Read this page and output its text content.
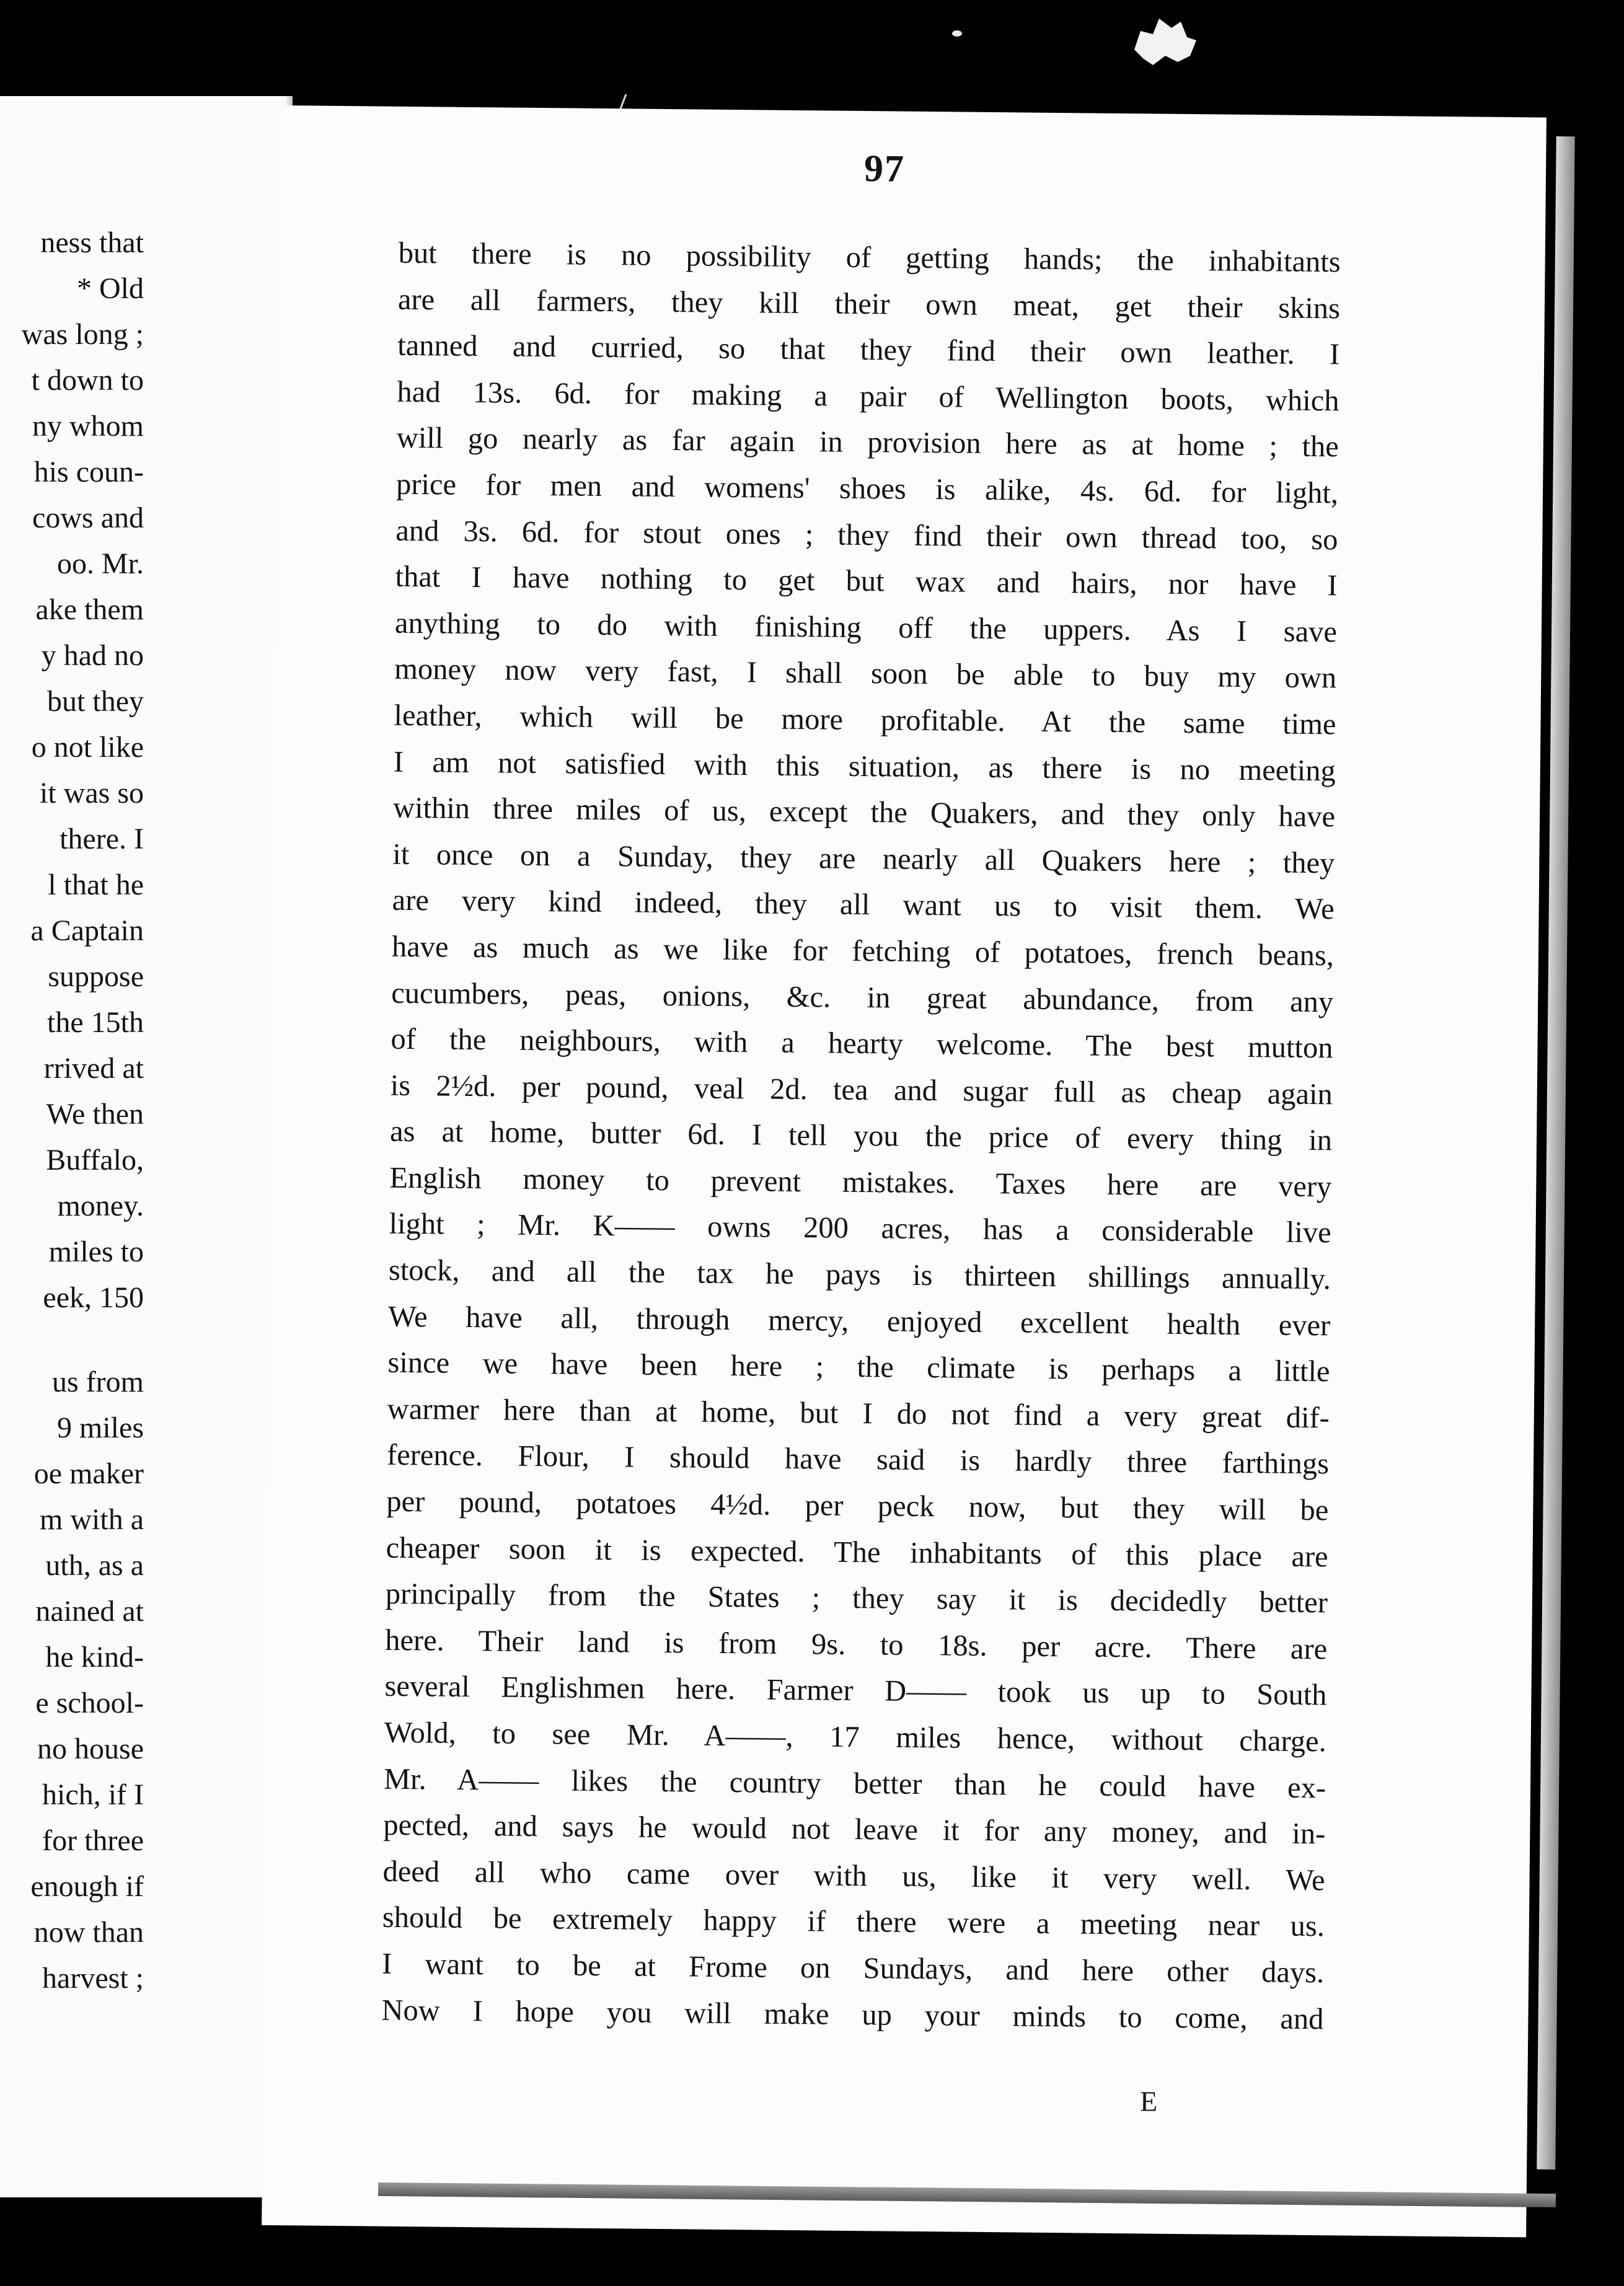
ness that
* Old
was long ;
t down to
ny whom
his coun-
cows and
oo. Mr.
ake them
y had no
but they
o not like
it was so
there. I
l that he
a Captain
suppose
the 15th
rrived at
We then
Buffalo,
money.
miles to
eek, 150
us from
9 miles
oe maker
m with a
uth, as a
nained at
he kind-
e school-
no house
hich, if I
for three
enough if
now than
harvest ;
97
but there is no possibility of getting hands; the inhabitants
are all farmers, they kill their own meat, get their skins
tanned and curried, so that they find their own leather. I
had 13s. 6d. for making a pair of Wellington boots, which
will go nearly as far again in provision here as at home ; the
price for men and womens' shoes is alike, 4s. 6d. for light,
and 3s. 6d. for stout ones ; they find their own thread too, so
that I have nothing to get but wax and hairs, nor have I
anything to do with finishing off the uppers. As I save
money now very fast, I shall soon be able to buy my own
leather, which will be more profitable. At the same time
I am not satisfied with this situation, as there is no meeting
within three miles of us, except the Quakers, and they only have
it once on a Sunday, they are nearly all Quakers here ; they
are very kind indeed, they all want us to visit them. We
have as much as we like for fetching of potatoes, french beans,
cucumbers, peas, onions, &c. in great abundance, from any
of the neighbours, with a hearty welcome. The best mutton
is 2½d. per pound, veal 2d. tea and sugar full as cheap again
as at home, butter 6d. I tell you the price of every thing in
English money to prevent mistakes. Taxes here are very
light ; Mr. K—— owns 200 acres, has a considerable live
stock, and all the tax he pays is thirteen shillings annually.
We have all, through mercy, enjoyed excellent health ever
since we have been here ; the climate is perhaps a little
warmer here than at home, but I do not find a very great dif-
ference. Flour, I should have said is hardly three farthings
per pound, potatoes 4½d. per peck now, but they will be
cheaper soon it is expected. The inhabitants of this place are
principally from the States ; they say it is decidedly better
here. Their land is from 9s. to 18s. per acre. There are
several Englishmen here. Farmer D—— took us up to South
Wold, to see Mr. A——, 17 miles hence, without charge.
Mr. A—— likes the country better than he could have ex-
pected, and says he would not leave it for any money, and in-
deed all who came over with us, like it very well. We
should be extremely happy if there were a meeting near us.
I want to be at Frome on Sundays, and here other days.
Now I hope you will make up your minds to come, and
E
